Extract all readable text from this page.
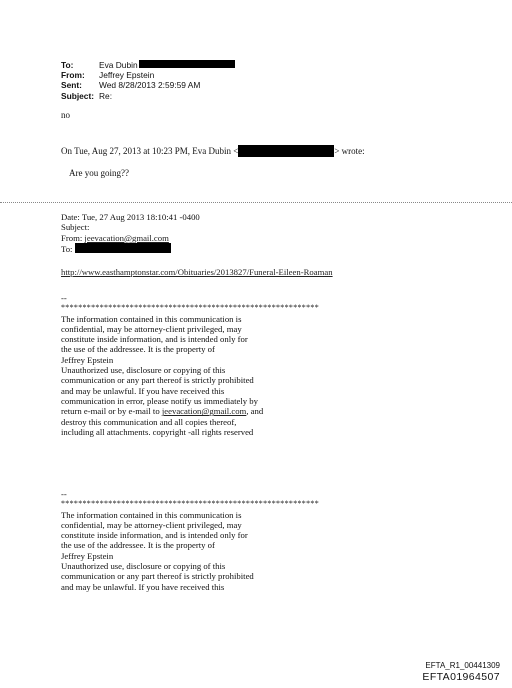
To:	Eva Dubin
From:	Jeffrey Epstein
Sent:	Wed 8/28/2013 2:59:59 AM
Subject: Re:
no
On Tue, Aug 27, 2013 at 10:23 PM, Eva Dubin <	> wrote:
Are you going??
Date: Tue, 27 Aug 2013 18:10:41 -0400
Subject:
From: jeevacation@gmail.com
To:
http://www.easthamptonstar.com/Obituaries/2013827/Funeral-Eileen-Roaman
--
************************************************************
The information contained in this communication is
confidential, may be attorney-client privileged, may
constitute inside information, and is intended only for
the use of the addressee. It is the property of
Jeffrey Epstein
Unauthorized use, disclosure or copying of this
communication or any part thereof is strictly prohibited
and may be unlawful. If you have received this
communication in error, please notify us immediately by
return e-mail or by e-mail to jeevacation@gmail.com, and
destroy this communication and all copies thereof,
including all attachments. copyright -all rights reserved
--
************************************************************
The information contained in this communication is
confidential, may be attorney-client privileged, may
constitute inside information, and is intended only for
the use of the addressee. It is the property of
Jeffrey Epstein
Unauthorized use, disclosure or copying of this
communication or any part thereof is strictly prohibited
and may be unlawful. If you have received this
EFTA_R1_00441309
EFTA01964507
